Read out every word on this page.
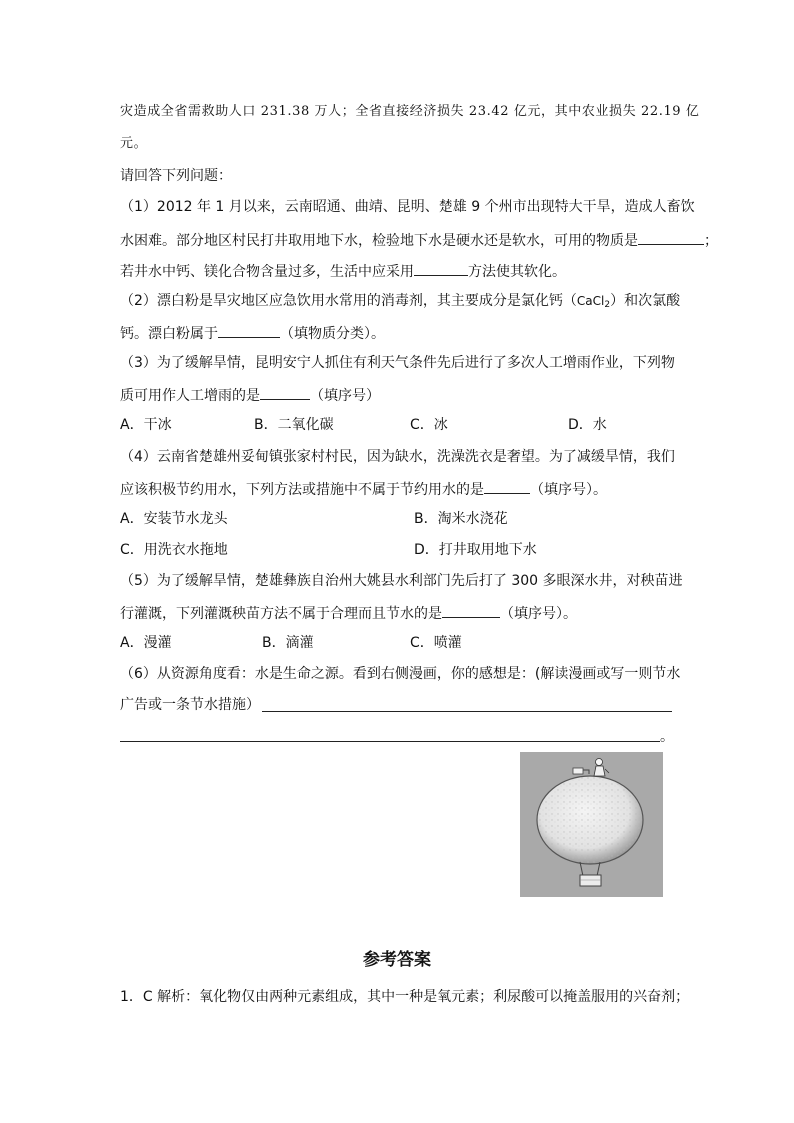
灾造成全省需救助人口 231.38 万人；全省直接经济损失 23.42 亿元，其中农业损失 22.19 亿
元。
请回答下列问题：
（1）2012 年 1 月以来，云南昭通、曲靖、昆明、楚雄 9 个州市出现特大干旱，造成人畜饮
水困难。部分地区村民打井取用地下水，检验地下水是硬水还是软水，可用的物质是	；
若井水中钙、镁化合物含量过多，生活中应采用	方法使其软化。
（2）漂白粉是旱灾地区应急饮用水常用的消毒剂，其主要成分是氯化钙（CaCl$_2$）和次氯酸
钙。漂白粉属于	（填物质分类）。
（3）为了缓解旱情，昆明安宁人抓住有利天气条件先后进行了多次人工增雨作业，下列物
质可用作人工增雨的是	（填序号）
A．干冰	B．二氧化碳	C．冰	D．水
（4）云南省楚雄州妥甸镇张家村村民，因为缺水，洗澡洗衣是奢望。为了减缓旱情，我们
应该积极节约用水，下列方法或措施中不属于节约用水的是	（填序号）。
A．安装节水龙头	B．淘米水浇花
C．用洗衣水拖地	D．打井取用地下水
（5）为了缓解旱情，楚雄彝族自治州大姚县水利部门先后打了 300 多眼深水井，对秧苗进
行灌溉，下列灌溉秧苗方法不属于合理而且节水的是	（填序号）。
A．漫灌	B．滴灌	C．喷灌
（6）从资源角度看：水是生命之源。看到右侧漫画，你的感想是：(解读漫画或写一则节水
广告或一条节水措施）
。
参考答案
1．C 解析：氧化物仅由两种元素组成，其中一种是氧元素；利尿酸可以掩盖服用的兴奋剂；
